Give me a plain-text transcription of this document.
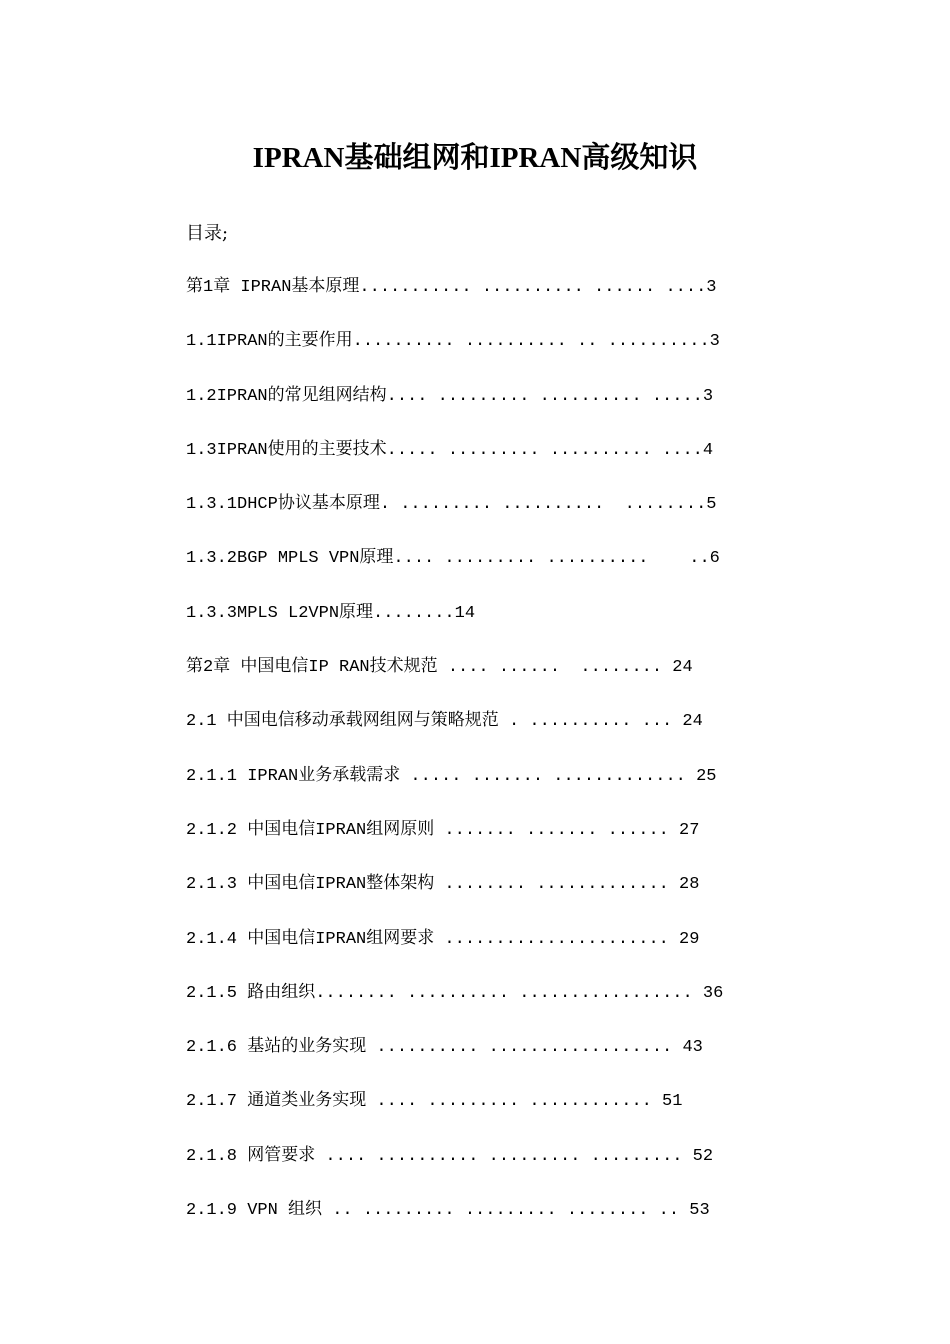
IPRAN基础组网和IPRAN高级知识
目录;
第1章 IPRAN基本原理........... .......... ...... ....3
1.1IPRAN的主要作用.......... .......... .. ..........3
1.2IPRAN的常见组网结构.... ......... .......... .....3
1.3IPRAN使用的主要技术..... ......... .......... ....4
1.3.1DHCP协议基本原理. ......... ..........  ........5
1.3.2BGP MPLS VPN原理.... ......... ..........    ..6
1.3.3MPLS L2VPN原理........14
第2章 中国电信IP RAN技术规范 .... ......  ........ 24
2.1 中国电信移动承载网组网与策略规范 . .......... ... 24
2.1.1 IPRAN业务承载需求 ..... ....... ............. 25
2.1.2 中国电信IPRAN组网原则 ....... ....... ...... 27
2.1.3 中国电信IPRAN整体架构 ........ ............. 28
2.1.4 中国电信IPRAN组网要求 ...................... 29
2.1.5 路由组织........ .......... ................. 36
2.1.6 基站的业务实现 .......... .................. 43
2.1.7 通道类业务实现 .... ......... ............ 51
2.1.8 网管要求 .... .......... ......... ......... 52
2.1.9 VPN 组织 .. ......... ......... ........ .. 53
